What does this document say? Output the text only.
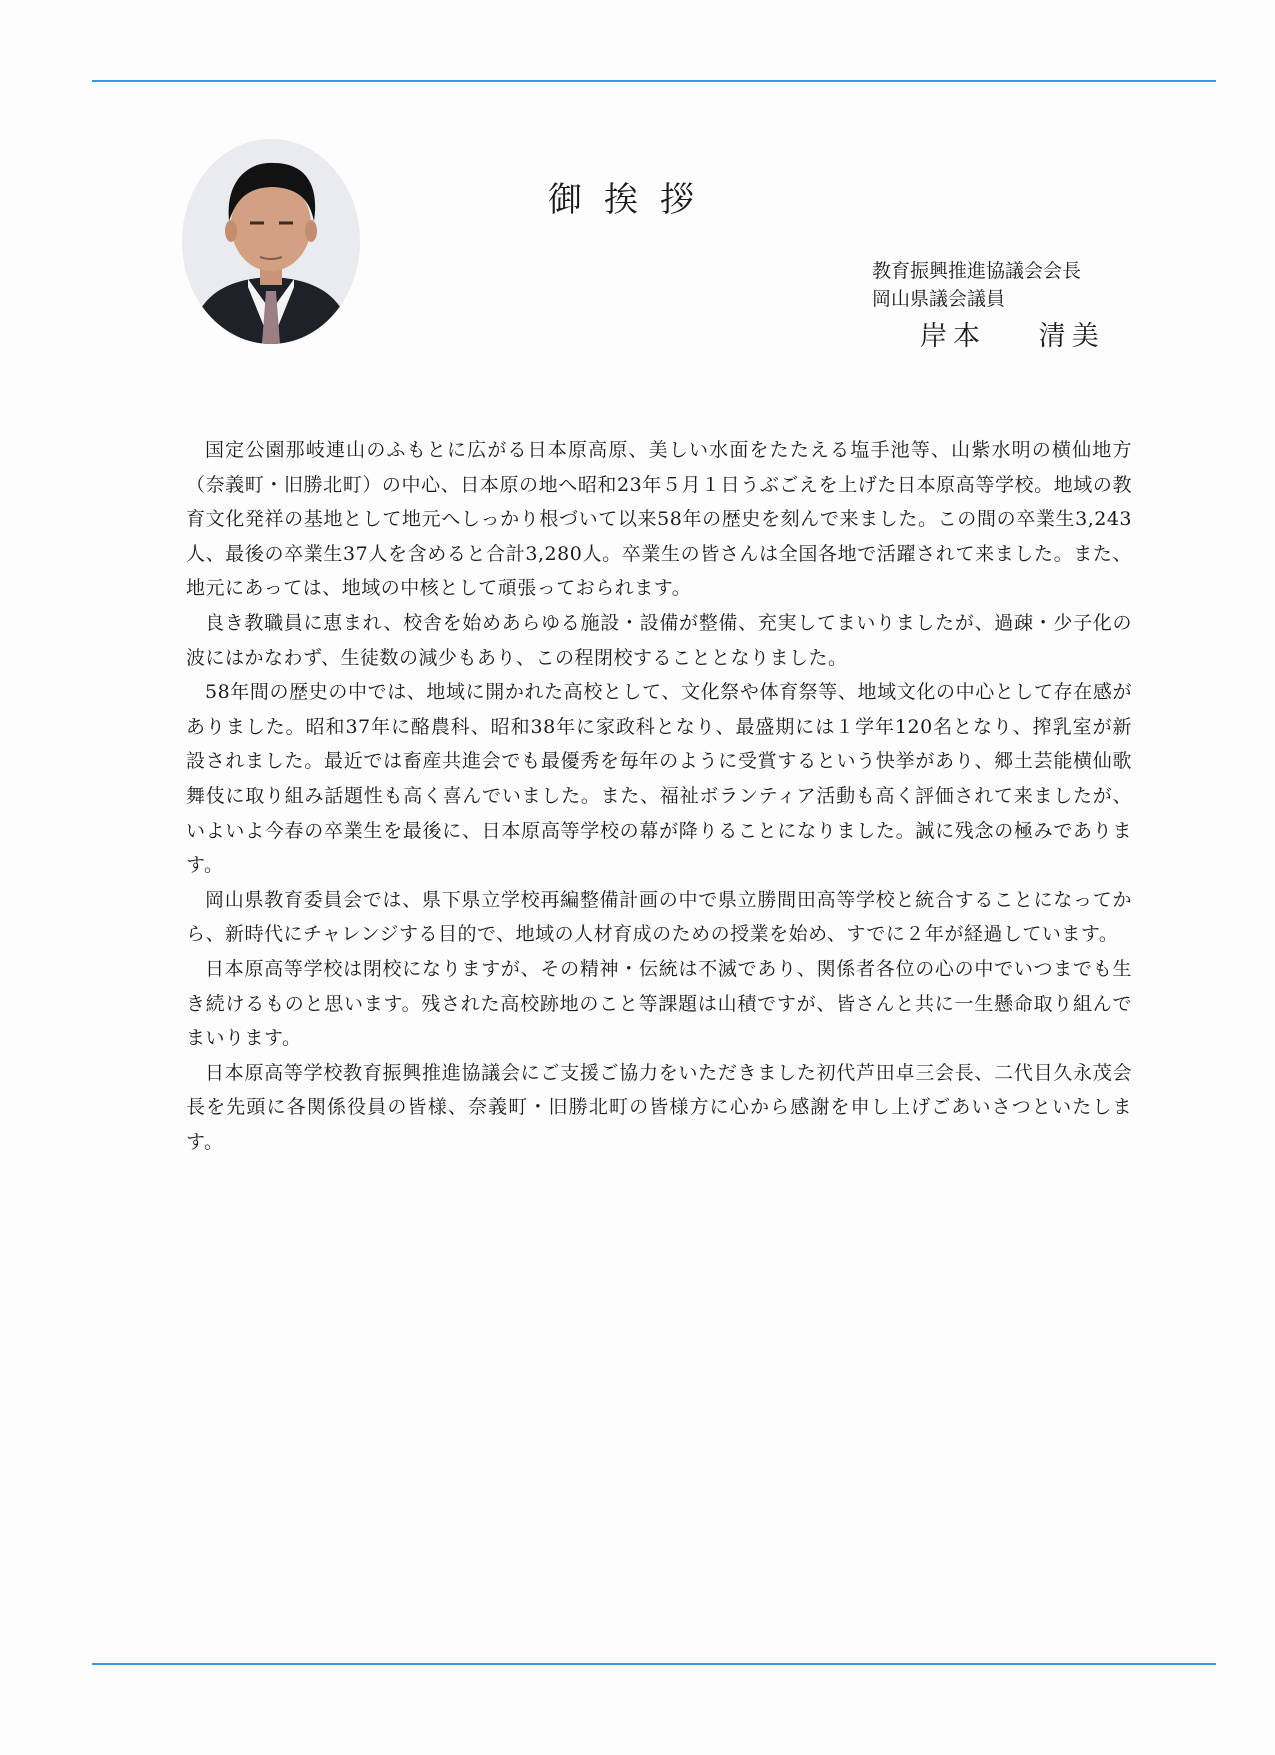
御挨拶
教育振興推進協議会会長
岡山県議会議員
岸本 清美

国定公園那岐連山のふもとに広がる日本原高原、美しい水面をたたえる塩手池等、山紫水明の横仙地方（奈義町・旧勝北町）の中心、日本原の地へ昭和23年５月１日うぶごえを上げた日本原高等学校。地域の教育文化発祥の基地として地元へしっかり根づいて以来58年の歴史を刻んで来ました。この間の卒業生3,243人、最後の卒業生37人を含めると合計3,280人。卒業生の皆さんは全国各地で活躍されて来ました。また、地元にあっては、地域の中核として頑張っておられます。

良き教職員に恵まれ、校舎を始めあらゆる施設・設備が整備、充実してまいりましたが、過疎・少子化の波にはかなわず、生徒数の減少もあり、この程閉校することとなりました。

58年間の歴史の中では、地域に開かれた高校として、文化祭や体育祭等、地域文化の中心として存在感がありました。昭和37年に酪農科、昭和38年に家政科となり、最盛期には１学年120名となり、搾乳室が新設されました。最近では畜産共進会でも最優秀を毎年のように受賞するという快挙があり、郷土芸能横仙歌舞伎に取り組み話題性も高く喜んでいました。また、福祉ボランティア活動も高く評価されて来ましたが、いよいよ今春の卒業生を最後に、日本原高等学校の幕が降りることになりました。誠に残念の極みであります。

岡山県教育委員会では、県下県立学校再編整備計画の中で県立勝間田高等学校と統合することになってから、新時代にチャレンジする目的で、地域の人材育成のための授業を始め、すでに２年が経過しています。

日本原高等学校は閉校になりますが、その精神・伝統は不滅であり、関係者各位の心の中でいつまでも生き続けるものと思います。残された高校跡地のこと等課題は山積ですが、皆さんと共に一生懸命取り組んでまいります。

日本原高等学校教育振興推進協議会にご支援ご協力をいただきました初代芦田卓三会長、二代目久永茂会長を先頭に各関係役員の皆様、奈義町・旧勝北町の皆様方に心から感謝を申し上げごあいさつといたします。
